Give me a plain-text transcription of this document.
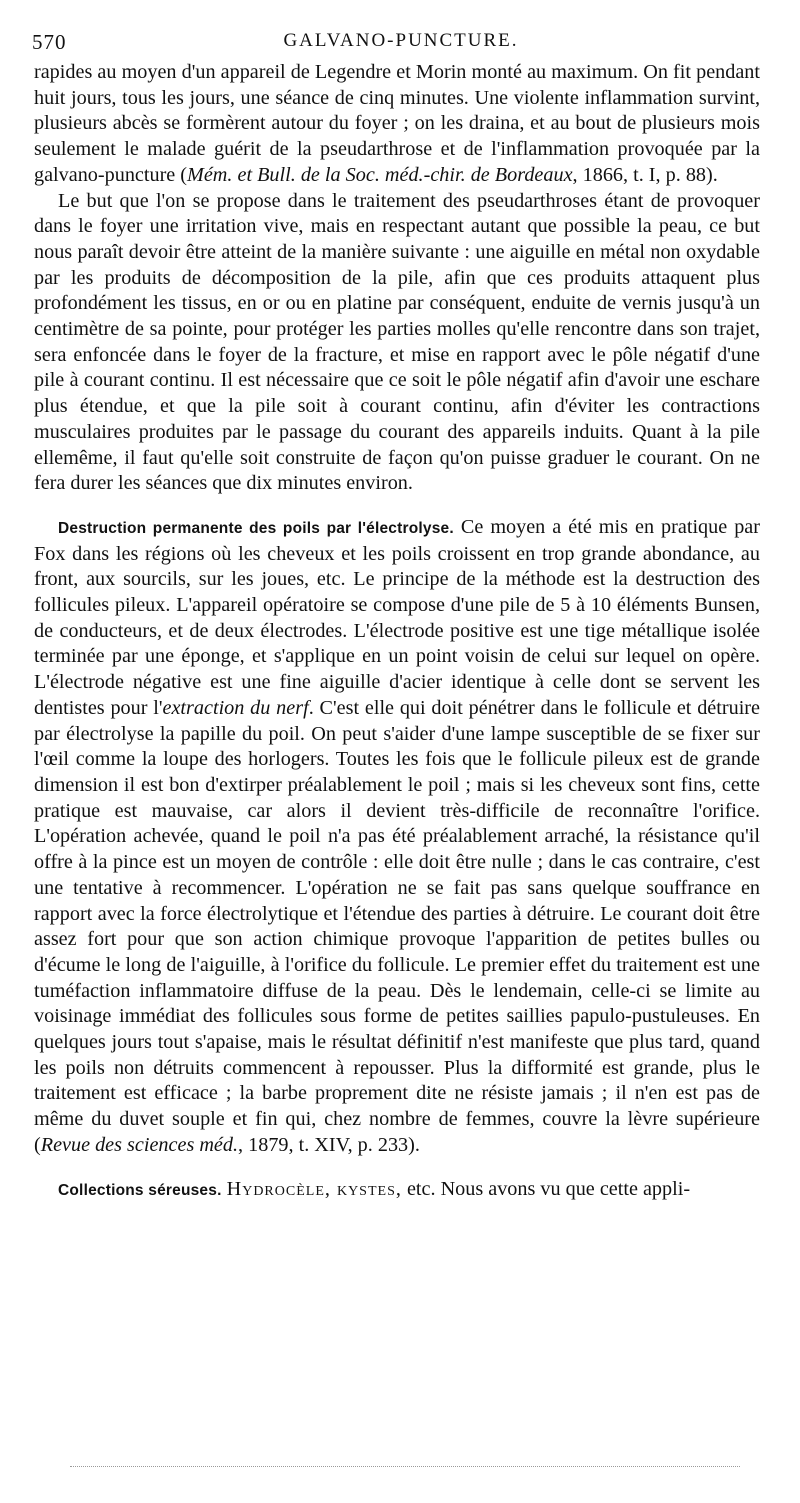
570	GALVANO-PUNCTURE.

rapides au moyen d'un appareil de Legendre et Morin monté au maximum. On fit pendant huit jours, tous les jours, une séance de cinq minutes. Une violente inflammation survint, plusieurs abcès se formèrent autour du foyer ; on les draina, et au bout de plusieurs mois seulement le malade guérit de la pseudarthrose et de l'inflammation provoquée par la galvano-puncture (Mém. et Bull. de la Soc. méd.-chir. de Bordeaux, 1866, t. I, p. 88).

Le but que l'on se propose dans le traitement des pseudarthroses étant de provoquer dans le foyer une irritation vive, mais en respectant autant que possible la peau, ce but nous paraît devoir être atteint de la manière suivante : une aiguille en métal non oxydable par les produits de décomposition de la pile, afin que ces produits attaquent plus profondément les tissus, en or ou en platine par conséquent, enduite de vernis jusqu'à un centimètre de sa pointe, pour protéger les parties molles qu'elle rencontre dans son trajet, sera enfoncée dans le foyer de la fracture, et mise en rapport avec le pôle négatif d'une pile à courant continu. Il est nécessaire que ce soit le pôle négatif afin d'avoir une eschare plus étendue, et que la pile soit à courant continu, afin d'éviter les contractions musculaires produites par le passage du courant des appareils induits. Quant à la pile ellemême, il faut qu'elle soit construite de façon qu'on puisse graduer le courant. On ne fera durer les séances que dix minutes environ.

Destruction permanente des poils par l'électrolyse. Ce moyen a été mis en pratique par Fox dans les régions où les cheveux et les poils croissent en trop grande abondance, au front, aux sourcils, sur les joues, etc. Le principe de la méthode est la destruction des follicules pileux. L'appareil opératoire se compose d'une pile de 5 à 10 éléments Bunsen, de conducteurs, et de deux électrodes. L'électrode positive est une tige métallique isolée terminée par une éponge, et s'applique en un point voisin de celui sur lequel on opère. L'électrode négative est une fine aiguille d'acier identique à celle dont se servent les dentistes pour l'extraction du nerf. C'est elle qui doit pénétrer dans le follicule et détruire par électrolyse la papille du poil. On peut s'aider d'une lampe susceptible de se fixer sur l'œil comme la loupe des horlogers. Toutes les fois que le follicule pileux est de grande dimension il est bon d'extirper préalablement le poil ; mais si les cheveux sont fins, cette pratique est mauvaise, car alors il devient très-difficile de reconnaître l'orifice. L'opération achevée, quand le poil n'a pas été préalablement arraché, la résistance qu'il offre à la pince est un moyen de contrôle : elle doit être nulle ; dans le cas contraire, c'est une tentative à recommencer. L'opération ne se fait pas sans quelque souffrance en rapport avec la force électrolytique et l'étendue des parties à détruire. Le courant doit être assez fort pour que son action chimique provoque l'apparition de petites bulles ou d'écume le long de l'aiguille, à l'orifice du follicule. Le premier effet du traitement est une tuméfaction inflammatoire diffuse de la peau. Dès le lendemain, celle-ci se limite au voisinage immédiat des follicules sous forme de petites saillies papulo-pustuleuses. En quelques jours tout s'apaise, mais le résultat définitif n'est manifeste que plus tard, quand les poils non détruits commencent à repousser. Plus la difformité est grande, plus le traitement est efficace ; la barbe proprement dite ne résiste jamais ; il n'en est pas de même du duvet souple et fin qui, chez nombre de femmes, couvre la lèvre supérieure (Revue des sciences méd., 1879, t. XIV, p. 233).

Collections séreuses. Hydrocèle, kystes, etc. Nous avons vu que cette appli-
